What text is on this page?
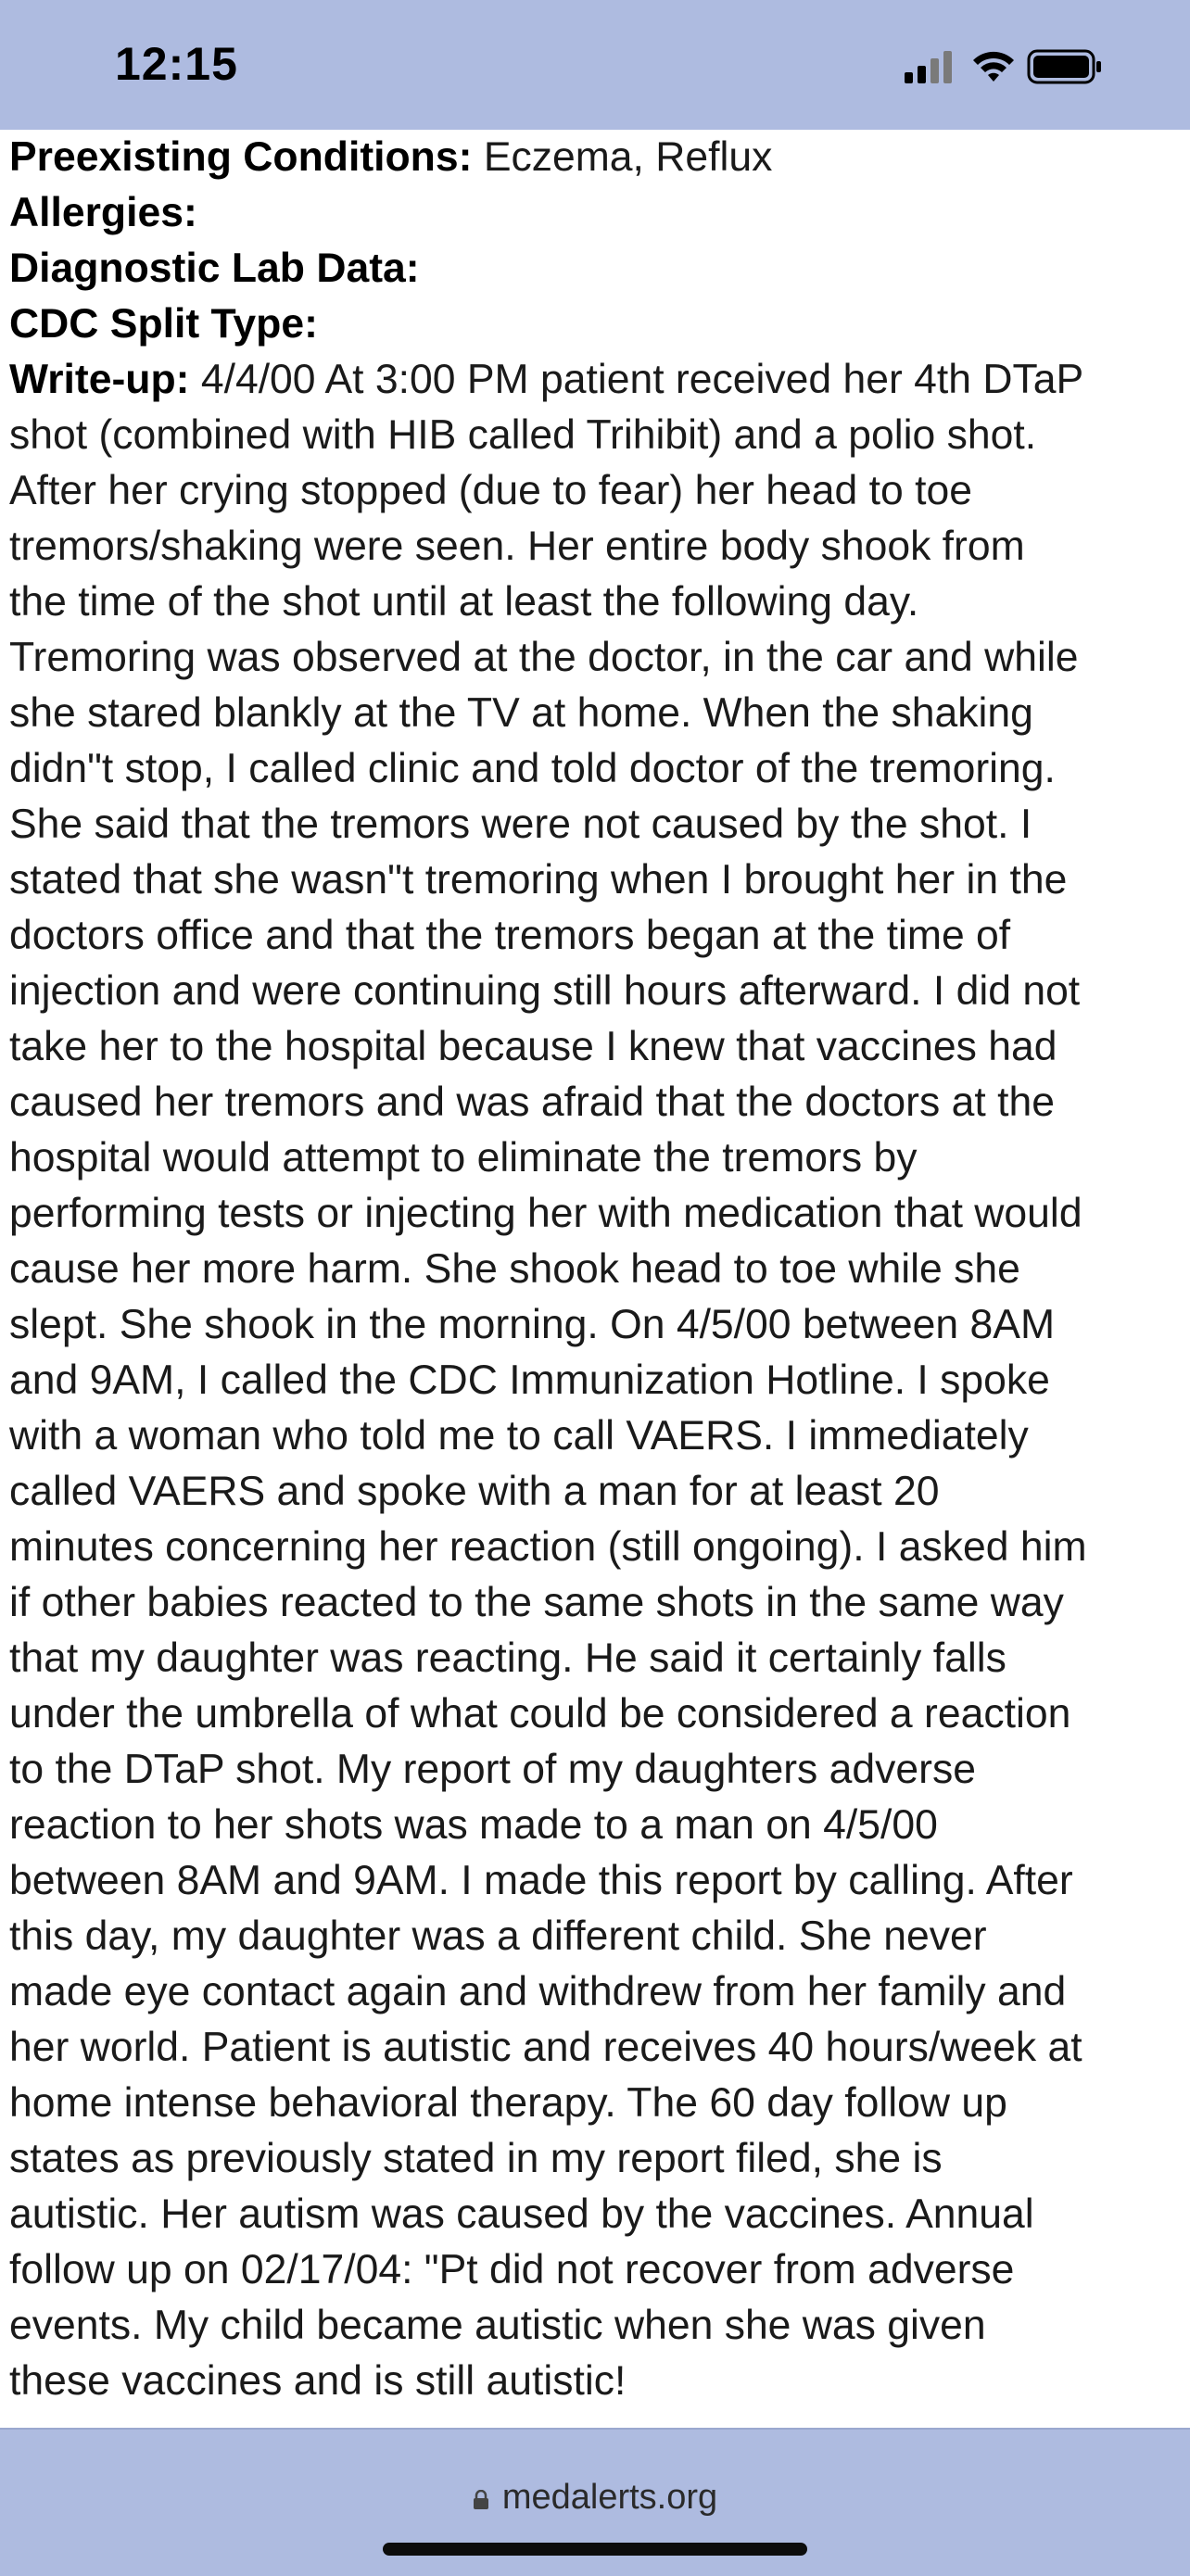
12:15
Preexisting Conditions: Eczema, Reflux
Allergies:
Diagnostic Lab Data:
CDC Split Type:
Write-up: 4/4/00 At 3:00 PM patient received her 4th DTaP
shot (combined with HIB called Trihibit) and a polio shot.
After her crying stopped (due to fear) her head to toe
tremors/shaking were seen. Her entire body shook from
the time of the shot until at least the following day.
Tremoring was observed at the doctor, in the car and while
she stared blankly at the TV at home. When the shaking
didn"t stop, I called clinic and told doctor of the tremoring.
She said that the tremors were not caused by the shot. I
stated that she wasn"t tremoring when I brought her in the
doctors office and that the tremors began at the time of
injection and were continuing still hours afterward. I did not
take her to the hospital because I knew that vaccines had
caused her tremors and was afraid that the doctors at the
hospital would attempt to eliminate the tremors by
performing tests or injecting her with medication that would
cause her more harm. She shook head to toe while she
slept. She shook in the morning. On 4/5/00 between 8AM
and 9AM, I called the CDC Immunization Hotline. I spoke
with a woman who told me to call VAERS. I immediately
called VAERS and spoke with a man for at least 20
minutes concerning her reaction (still ongoing). I asked him
if other babies reacted to the same shots in the same way
that my daughter was reacting. He said it certainly falls
under the umbrella of what could be considered a reaction
to the DTaP shot. My report of my daughters adverse
reaction to her shots was made to a man on 4/5/00
between 8AM and 9AM. I made this report by calling. After
this day, my daughter was a different child. She never
made eye contact again and withdrew from her family and
her world. Patient is autistic and receives 40 hours/week at
home intense behavioral therapy. The 60 day follow up
states as previously stated in my report filed, she is
autistic. Her autism was caused by the vaccines. Annual
follow up on 02/17/04: "Pt did not recover from adverse
events. My child became autistic when she was given
these vaccines and is still autistic!
medalerts.org
